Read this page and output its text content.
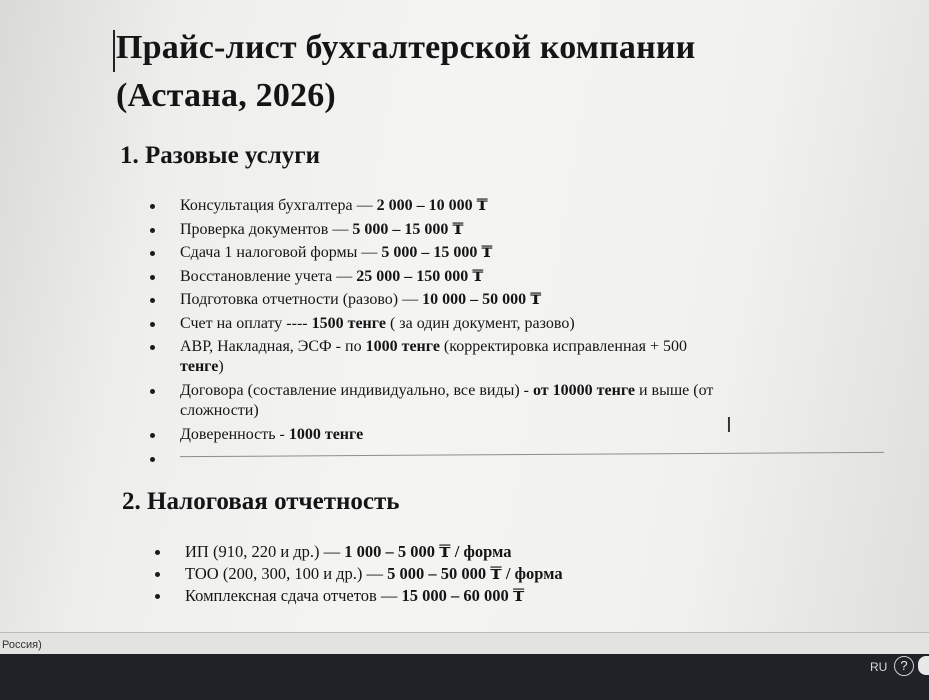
Прайс-лист бухгалтерской компании
(Астана, 2026)
1. Разовые услуги
Консультация бухгалтера — 2 000 – 10 000 ₸
Проверка документов — 5 000 – 15 000 ₸
Сдача 1 налоговой формы — 5 000 – 15 000 ₸
Восстановление учета — 25 000 – 150 000 ₸
Подготовка отчетности (разово) — 10 000 – 50 000 ₸
Счет на оплату ---- 1500 тенге ( за один документ, разово)
АВР, Накладная, ЭСФ - по 1000 тенге (корректировка исправленная + 500
тенге)
Договора (составление индивидуально, все виды) - от 10000 тенге и выше (от сложности)
Доверенность - 1000 тенге	I
2. Налоговая отчетность
ИП (910, 220 и др.) — 1 000 – 5 000 ₸ / форма
ТОО (200, 300, 100 и др.) — 5 000 – 50 000 ₸ / форма
Комплексная сдача отчетов — 15 000 – 60 000 ₸
Россия)
RU	?
